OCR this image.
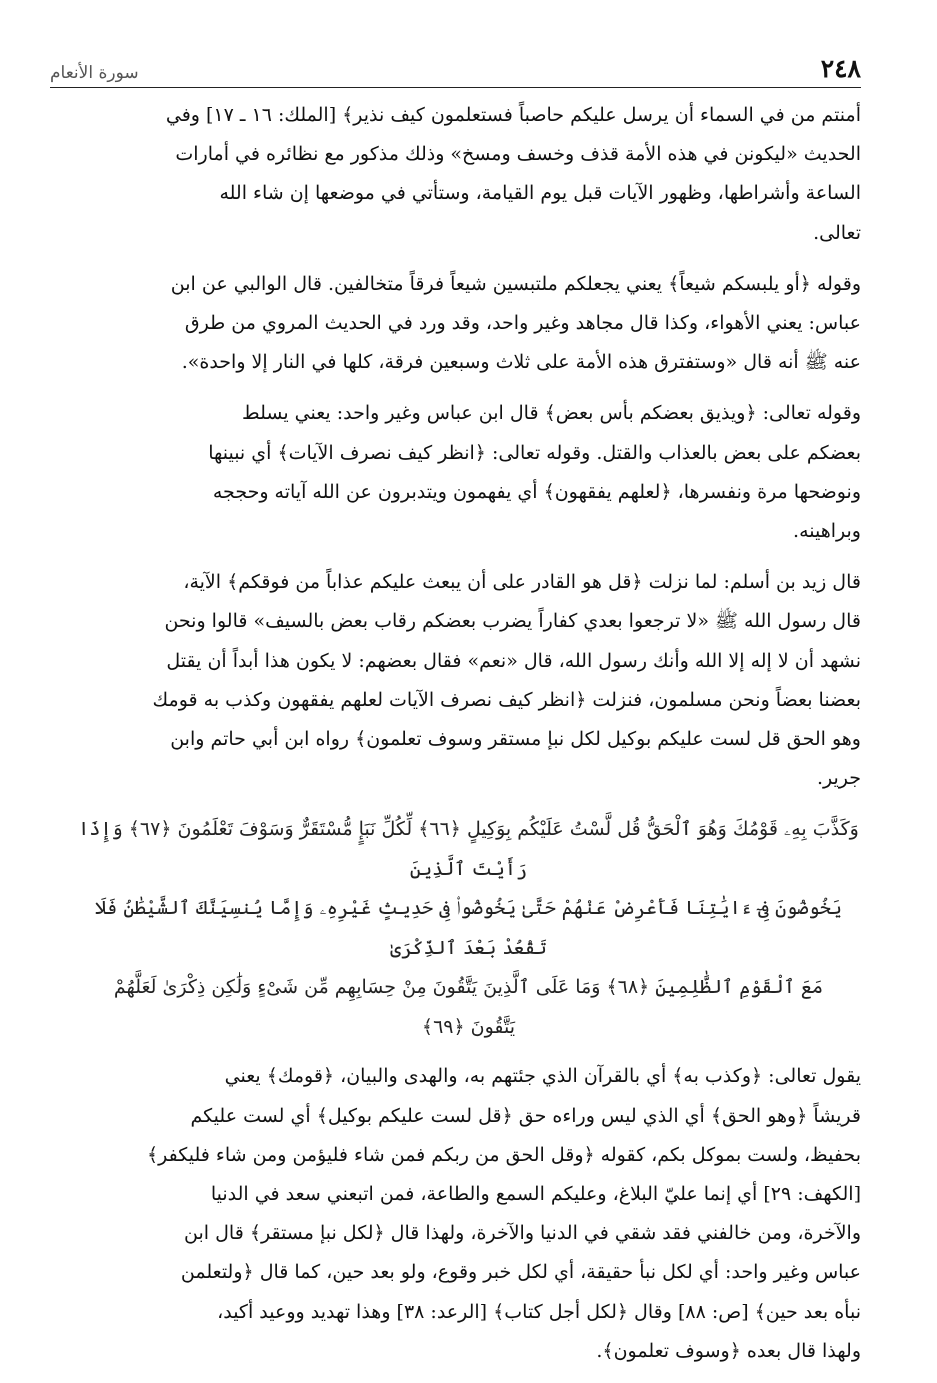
٢٤٨
سورة الأنعام

أمنتم من في السماء أن يرسل عليكم حاصباً فستعلمون كيف نذير﴾ [الملك: ١٦ ـ ١٧] وفي

الحديث «ليكونن في هذه الأمة قذف وخسف ومسخ» وذلك مذكور مع نظائره في أمارات

الساعة وأشراطها، وظهور الآيات قبل يوم القيامة، وستأتي في موضعها إن شاء الله

تعالى.

وقوله ﴿أو يلبسكم شيعاً﴾ يعني يجعلكم ملتبسين شيعاً فرقاً متخالفين. قال الوالبي عن ابن

عباس: يعني الأهواء، وكذا قال مجاهد وغير واحد، وقد ورد في الحديث المروي من طرق

عنه ﷺ أنه قال «وستفترق هذه الأمة على ثلاث وسبعين فرقة، كلها في النار إلا واحدة».

وقوله تعالى: ﴿ويذيق بعضكم بأس بعض﴾ قال ابن عباس وغير واحد: يعني يسلط

بعضكم على بعض بالعذاب والقتل. وقوله تعالى: ﴿انظر كيف نصرف الآيات﴾ أي نبينها

ونوضحها مرة ونفسرها، ﴿لعلهم يفقهون﴾ أي يفهمون ويتدبرون عن الله آياته وحججه

وبراهينه.

قال زيد بن أسلم: لما نزلت ﴿قل هو القادر على أن يبعث عليكم عذاباً من فوقكم﴾ الآية،

قال رسول الله ﷺ «لا ترجعوا بعدي كفاراً يضرب بعضكم رقاب بعض بالسيف» قالوا ونحن

نشهد أن لا إله إلا الله وأنك رسول الله، قال «نعم» فقال بعضهم: لا يكون هذا أبداً أن يقتل

بعضنا بعضاً ونحن مسلمون، فنزلت ﴿انظر كيف نصرف الآيات لعلهم يفقهون وكذب به قومك

وهو الحق قل لست عليكم بوكيل لكل نبإ مستقر وسوف تعلمون﴾ رواه ابن أبي حاتم وابن

جرير.

وَكَذَّبَ بِهِۦ قَوْمُكَ وَهُوَ ٱلْحَقُّ قُل لَّسْتُ عَلَيْكُم بِوَكِيلٍ ﴿٦٦﴾ لِّكُلِّ نَبَإٍ مُّسْتَقَرٌّ وَسَوْفَ تَعْلَمُونَ ﴿٦٧﴾ وَإِذَا رَأَيْتَ ٱلَّذِينَ

يَخُوضُونَ فِىٓ ءَايَٰتِنَا فَأَعْرِضْ عَنْهُمْ حَتَّىٰ يَخُوضُوا۟ فِى حَدِيثٍ غَيْرِهِۦ وَإِمَّا يُنسِيَنَّكَ ٱلشَّيْطَٰنُ فَلَا تَقْعُدْ بَعْدَ ٱلذِّكْرَىٰ

مَعَ ٱلْقَوْمِ ٱلظَّٰلِمِينَ ﴿٦٨﴾ وَمَا عَلَى ٱلَّذِينَ يَتَّقُونَ مِنْ حِسَابِهِم مِّن شَىْءٍ وَلَٰكِن ذِكْرَىٰ لَعَلَّهُمْ

يَتَّقُونَ ﴿٦٩﴾

يقول تعالى: ﴿وكذب به﴾ أي بالقرآن الذي جئتهم به، والهدى والبيان، ﴿قومك﴾ يعني

قريشاً ﴿وهو الحق﴾ أي الذي ليس وراءه حق ﴿قل لست عليكم بوكيل﴾ أي لست عليكم

بحفيظ، ولست بموكل بكم، كقوله ﴿وقل الحق من ربكم فمن شاء فليؤمن ومن شاء فليكفر﴾

[الكهف: ٢٩] أي إنما عليّ البلاغ، وعليكم السمع والطاعة، فمن اتبعني سعد في الدنيا

والآخرة، ومن خالفني فقد شقي في الدنيا والآخرة، ولهذا قال ﴿لكل نبإ مستقر﴾ قال ابن

عباس وغير واحد: أي لكل نبأ حقيقة، أي لكل خبر وقوع، ولو بعد حين، كما قال ﴿ولتعلمن

نبأه بعد حين﴾ [ص: ٨٨] وقال ﴿لكل أجل كتاب﴾ [الرعد: ٣٨] وهذا تهديد ووعيد أكيد،

ولهذا قال بعده ﴿وسوف تعلمون﴾.
